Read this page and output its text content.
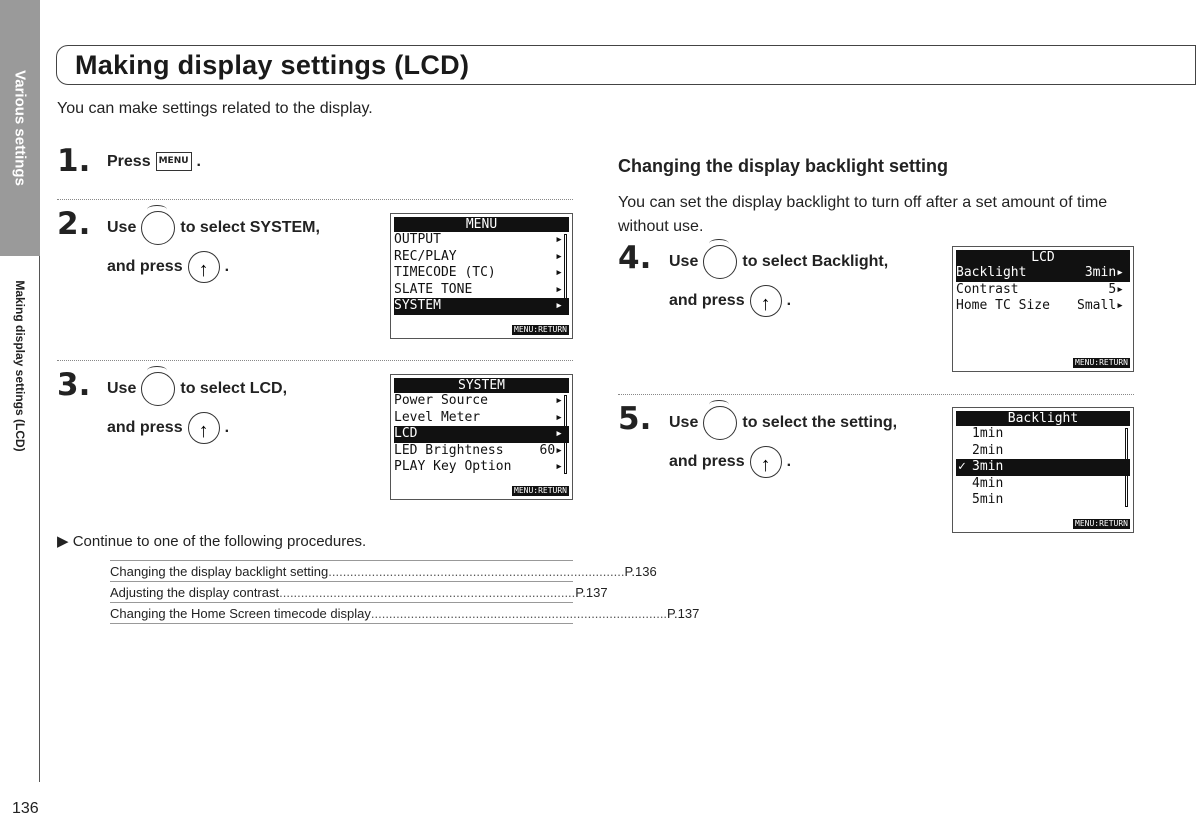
Various settings
Making display settings (LCD)
136
Making display settings (LCD)
You can make settings related to the display.
1. Press MENU .
2. Use	to select SYSTEM,
and press ↑	.
MENU
OUTPUT	▸
REC/PLAY	▸
TIMECODE (TC)	▸
SLATE TONE	▸
SYSTEM	▸
MENU:RETURN
3. Use	to select LCD,
and press ↑	.
SYSTEM
Power Source	▸
Level Meter	▸
LCD	▸
LED Brightness	60▸
PLAY Key Option	▸
MENU:RETURN
▶ Continue to one of the following procedures.
Changing the display backlight setting .................................................................................. P.136
Adjusting the display contrast .................................................................................. P.137
Changing the Home Screen timecode display .................................................................................. P.137
Changing the display backlight setting
You can set the display backlight to turn off after a set amount of time without use.
4. Use	to select Backlight,
and press ↑	.
LCD
Backlight	3min▸
Contrast	5▸
Home TC Size Small▸
MENU:RETURN
5. Use	to select the setting,
and press ↑	.
Backlight
1min
2min
✓ 3min
4min
5min
MENU:RETURN
